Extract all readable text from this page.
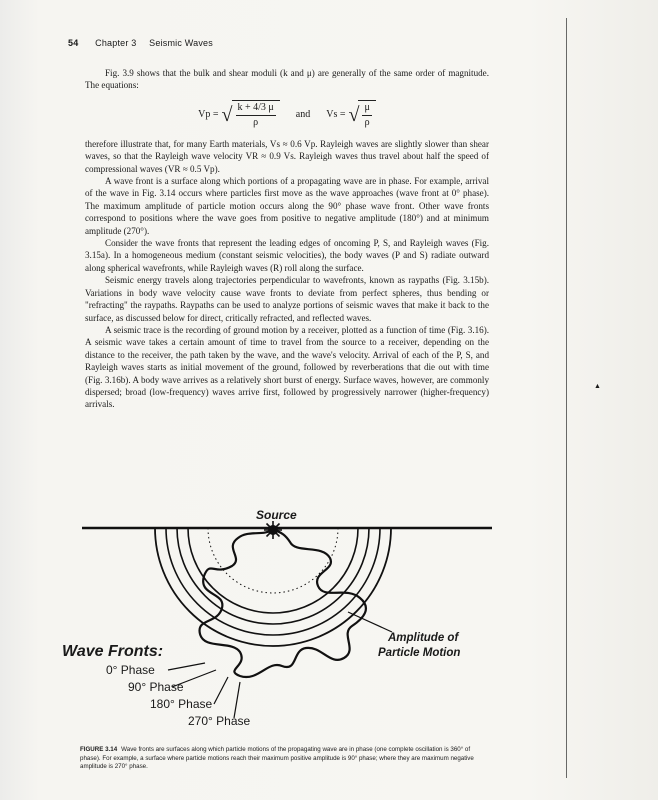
54 Chapter 3 Seismic Waves

Fig. 3.9 shows that the bulk and shear moduli (k and μ) are generally of the same order of magnitude. The equations:

Vp = √ $\frac{k + 4/3 \mu}{\rho}$ and Vs = √ $\frac{\mu}{\rho}$

therefore illustrate that, for many Earth materials, Vs ≈ 0.6 Vp. Rayleigh waves are slightly slower than shear waves, so that the Rayleigh wave velocity VR ≈ 0.9 Vs. Rayleigh waves thus travel about half the speed of compressional waves (VR ≈ 0.5 Vp).

A wave front is a surface along which portions of a propagating wave are in phase. For example, arrival of the wave in Fig. 3.14 occurs where particles first move as the wave approaches (wave front at 0° phase). The maximum amplitude of particle motion occurs along the 90° phase wave front. Other wave fronts correspond to positions where the wave goes from positive to negative amplitude (180°) and at minimum amplitude (270°).

Consider the wave fronts that represent the leading edges of oncoming P, S, and Rayleigh waves (Fig. 3.15a). In a homogeneous medium (constant seismic velocities), the body waves (P and S) radiate outward along spherical wavefronts, while Rayleigh waves (R) roll along the surface.

Seismic energy travels along trajectories perpendicular to wavefronts, known as raypaths (Fig. 3.15b). Variations in body wave velocity cause wave fronts to deviate from perfect spheres, thus bending or "refracting" the raypaths. Raypaths can be used to analyze portions of seismic waves that make it back to the surface, as discussed below for direct, critically refracted, and reflected waves.

A seismic trace is the recording of ground motion by a receiver, plotted as a function of time (Fig. 3.16). A seismic wave takes a certain amount of time to travel from the source to a receiver, depending on the distance to the receiver, the path taken by the wave, and the wave's velocity. Arrival of each of the P, S, and Rayleigh waves starts as initial movement of the ground, followed by reverberations that die out with time (Fig. 3.16b). A body wave arrives as a relatively short burst of energy. Surface waves, however, are commonly dispersed; broad (low-frequency) waves arrive first, followed by progressively narrower (higher-frequency) arrivals.

Source
Wave Fronts:
0° Phase
90° Phase
180° Phase
270° Phase
Amplitude of
Particle Motion
FIGURE 3.14 Wave fronts are surfaces along which particle motions of the propagating wave are in phase (one complete oscillation is 360° of phase). For example, a surface where particle motions reach their maximum positive amplitude is 90° phase; where they are maximum negative amplitude is 270° phase.
▲
